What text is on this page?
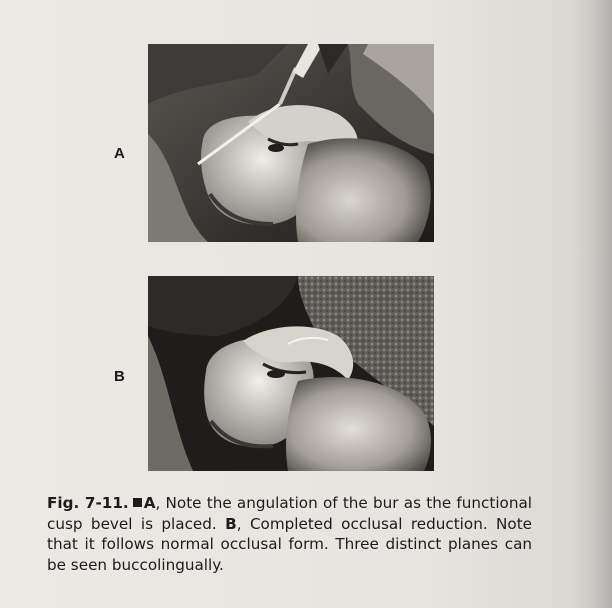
A
B
Fig. 7-11. A, Note the angulation of the bur as the functional cusp bevel is placed. B, Completed occlusal reduction. Note that it follows normal occlusal form. Three distinct planes can be seen buccolingually.
